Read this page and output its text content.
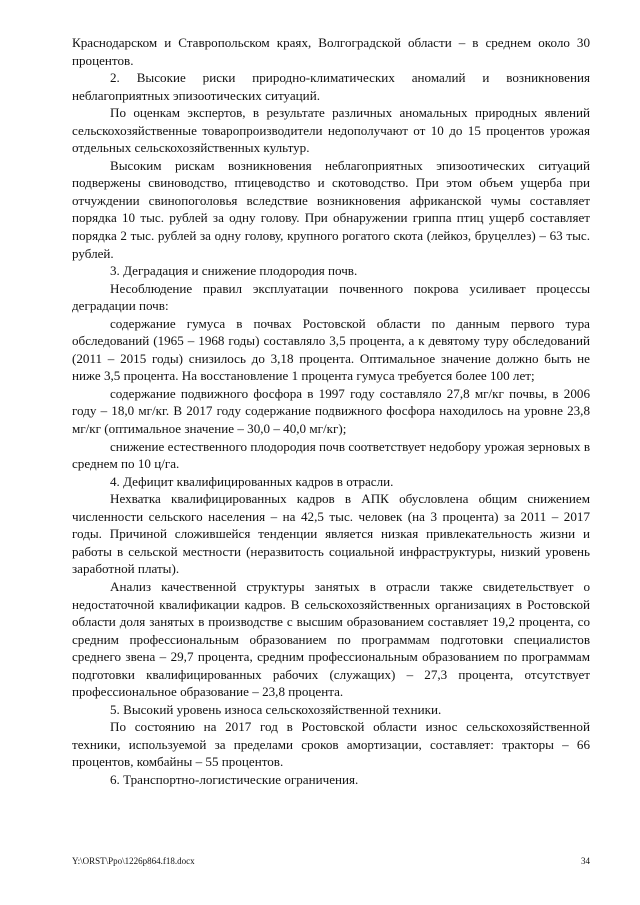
Краснодарском и Ставропольском краях, Волгоградской области – в среднем около 30 процентов.

2. Высокие риски природно-климатических аномалий и возникновения неблагоприятных эпизоотических ситуаций.

По оценкам экспертов, в результате различных аномальных природных явлений сельскохозяйственные товаропроизводители недополучают от 10 до 15 процентов урожая отдельных сельскохозяйственных культур.

Высоким рискам возникновения неблагоприятных эпизоотических ситуаций подвержены свиноводство, птицеводство и скотоводство. При этом объем ущерба при отчуждении свинопоголовья вследствие возникновения африканской чумы составляет порядка 10 тыс. рублей за одну голову. При обнаружении гриппа птиц ущерб составляет порядка 2 тыс. рублей за одну голову, крупного рогатого скота (лейкоз, бруцеллез) – 63 тыс. рублей.

3. Деградация и снижение плодородия почв.

Несоблюдение правил эксплуатации почвенного покрова усиливает процессы деградации почв:

содержание гумуса в почвах Ростовской области по данным первого тура обследований (1965 – 1968 годы) составляло 3,5 процента, а к девятому туру обследований (2011 – 2015 годы) снизилось до 3,18 процента. Оптимальное значение должно быть не ниже 3,5 процента. На восстановление 1 процента гумуса требуется более 100 лет;

содержание подвижного фосфора в 1997 году составляло 27,8 мг/кг почвы, в 2006 году – 18,0 мг/кг. В 2017 году содержание подвижного фосфора находилось на уровне 23,8 мг/кг (оптимальное значение – 30,0 – 40,0 мг/кг);

снижение естественного плодородия почв соответствует недобору урожая зерновых в среднем по 10 ц/га.

4. Дефицит квалифицированных кадров в отрасли.

Нехватка квалифицированных кадров в АПК обусловлена общим снижением численности сельского населения – на 42,5 тыс. человек (на 3 процента) за 2011 – 2017 годы. Причиной сложившейся тенденции является низкая привлекательность жизни и работы в сельской местности (неразвитость социальной инфраструктуры, низкий уровень заработной платы).

Анализ качественной структуры занятых в отрасли также свидетельствует о недостаточной квалификации кадров. В сельскохозяйственных организациях в Ростовской области доля занятых в производстве с высшим образованием составляет 19,2 процента, со средним профессиональным образованием по программам подготовки специалистов среднего звена – 29,7 процента, средним профессиональным образованием по программам подготовки квалифицированных рабочих (служащих) – 27,3 процента, отсутствует профессиональное образование – 23,8 процента.

5. Высокий уровень износа сельскохозяйственной техники.

По состоянию на 2017 год в Ростовской области износ сельскохозяйственной техники, используемой за пределами сроков амортизации, составляет: тракторы – 66 процентов, комбайны – 55 процентов.

6. Транспортно-логистические ограничения.

Y:\ORST\Ppo\1226p864.f18.docx	34
